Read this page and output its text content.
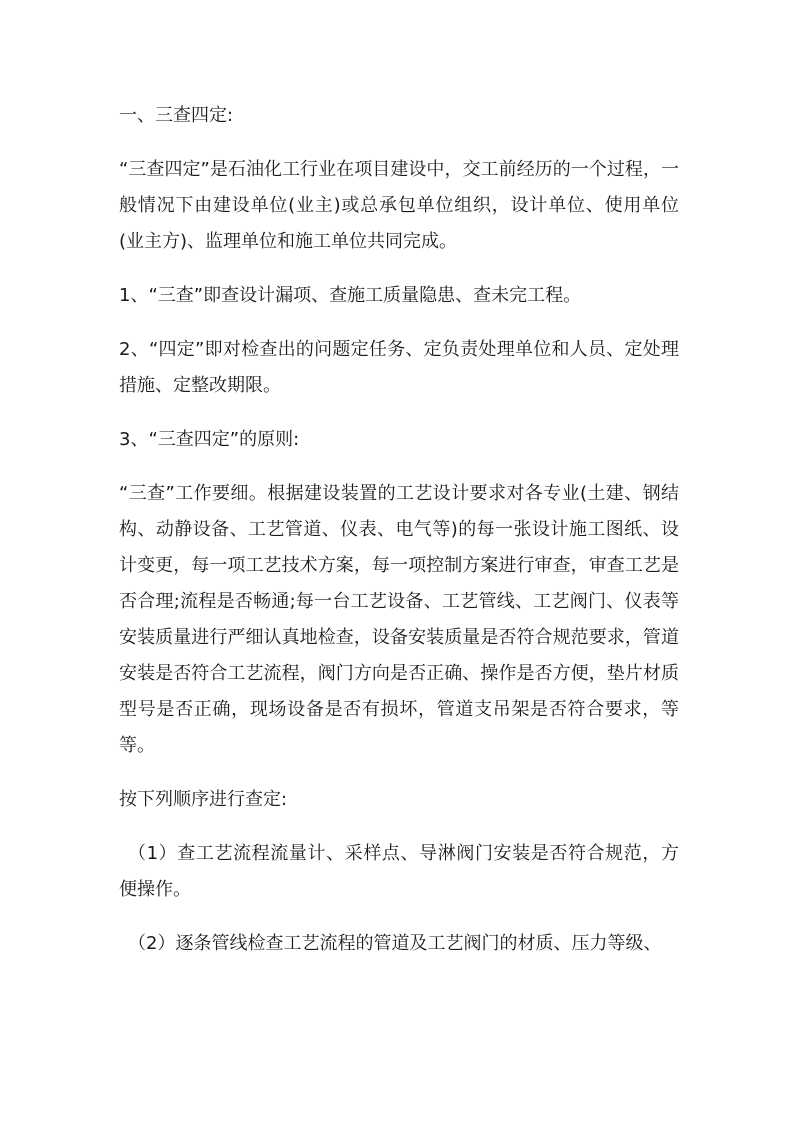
一、三查四定:

“三查四定”是石油化工行业在项目建设中，交工前经历的一个过程，一般情况下由建设单位(业主)或总承包单位组织，设计单位、使用单位(业主方)、监理单位和施工单位共同完成。

1、“三查”即查设计漏项、查施工质量隐患、查未完工程。

2、“四定”即对检查出的问题定任务、定负责处理单位和人员、定处理措施、定整改期限。

3、“三查四定”的原则:

“三查”工作要细。根据建设装置的工艺设计要求对各专业(土建、钢结构、动静设备、工艺管道、仪表、电气等)的每一张设计施工图纸、设计变更，每一项工艺技术方案，每一项控制方案进行审查，审查工艺是否合理;流程是否畅通;每一台工艺设备、工艺管线、工艺阀门、仪表等安装质量进行严细认真地检查，设备安装质量是否符合规范要求，管道安装是否符合工艺流程，阀门方向是否正确、操作是否方便，垫片材质型号是否正确，现场设备是否有损坏，管道支吊架是否符合要求，等等。

按下列顺序进行查定:

（1）查工艺流程流量计、采样点、导淋阀门安装是否符合规范，方便操作。

（2）逐条管线检查工艺流程的管道及工艺阀门的材质、压力等级、
